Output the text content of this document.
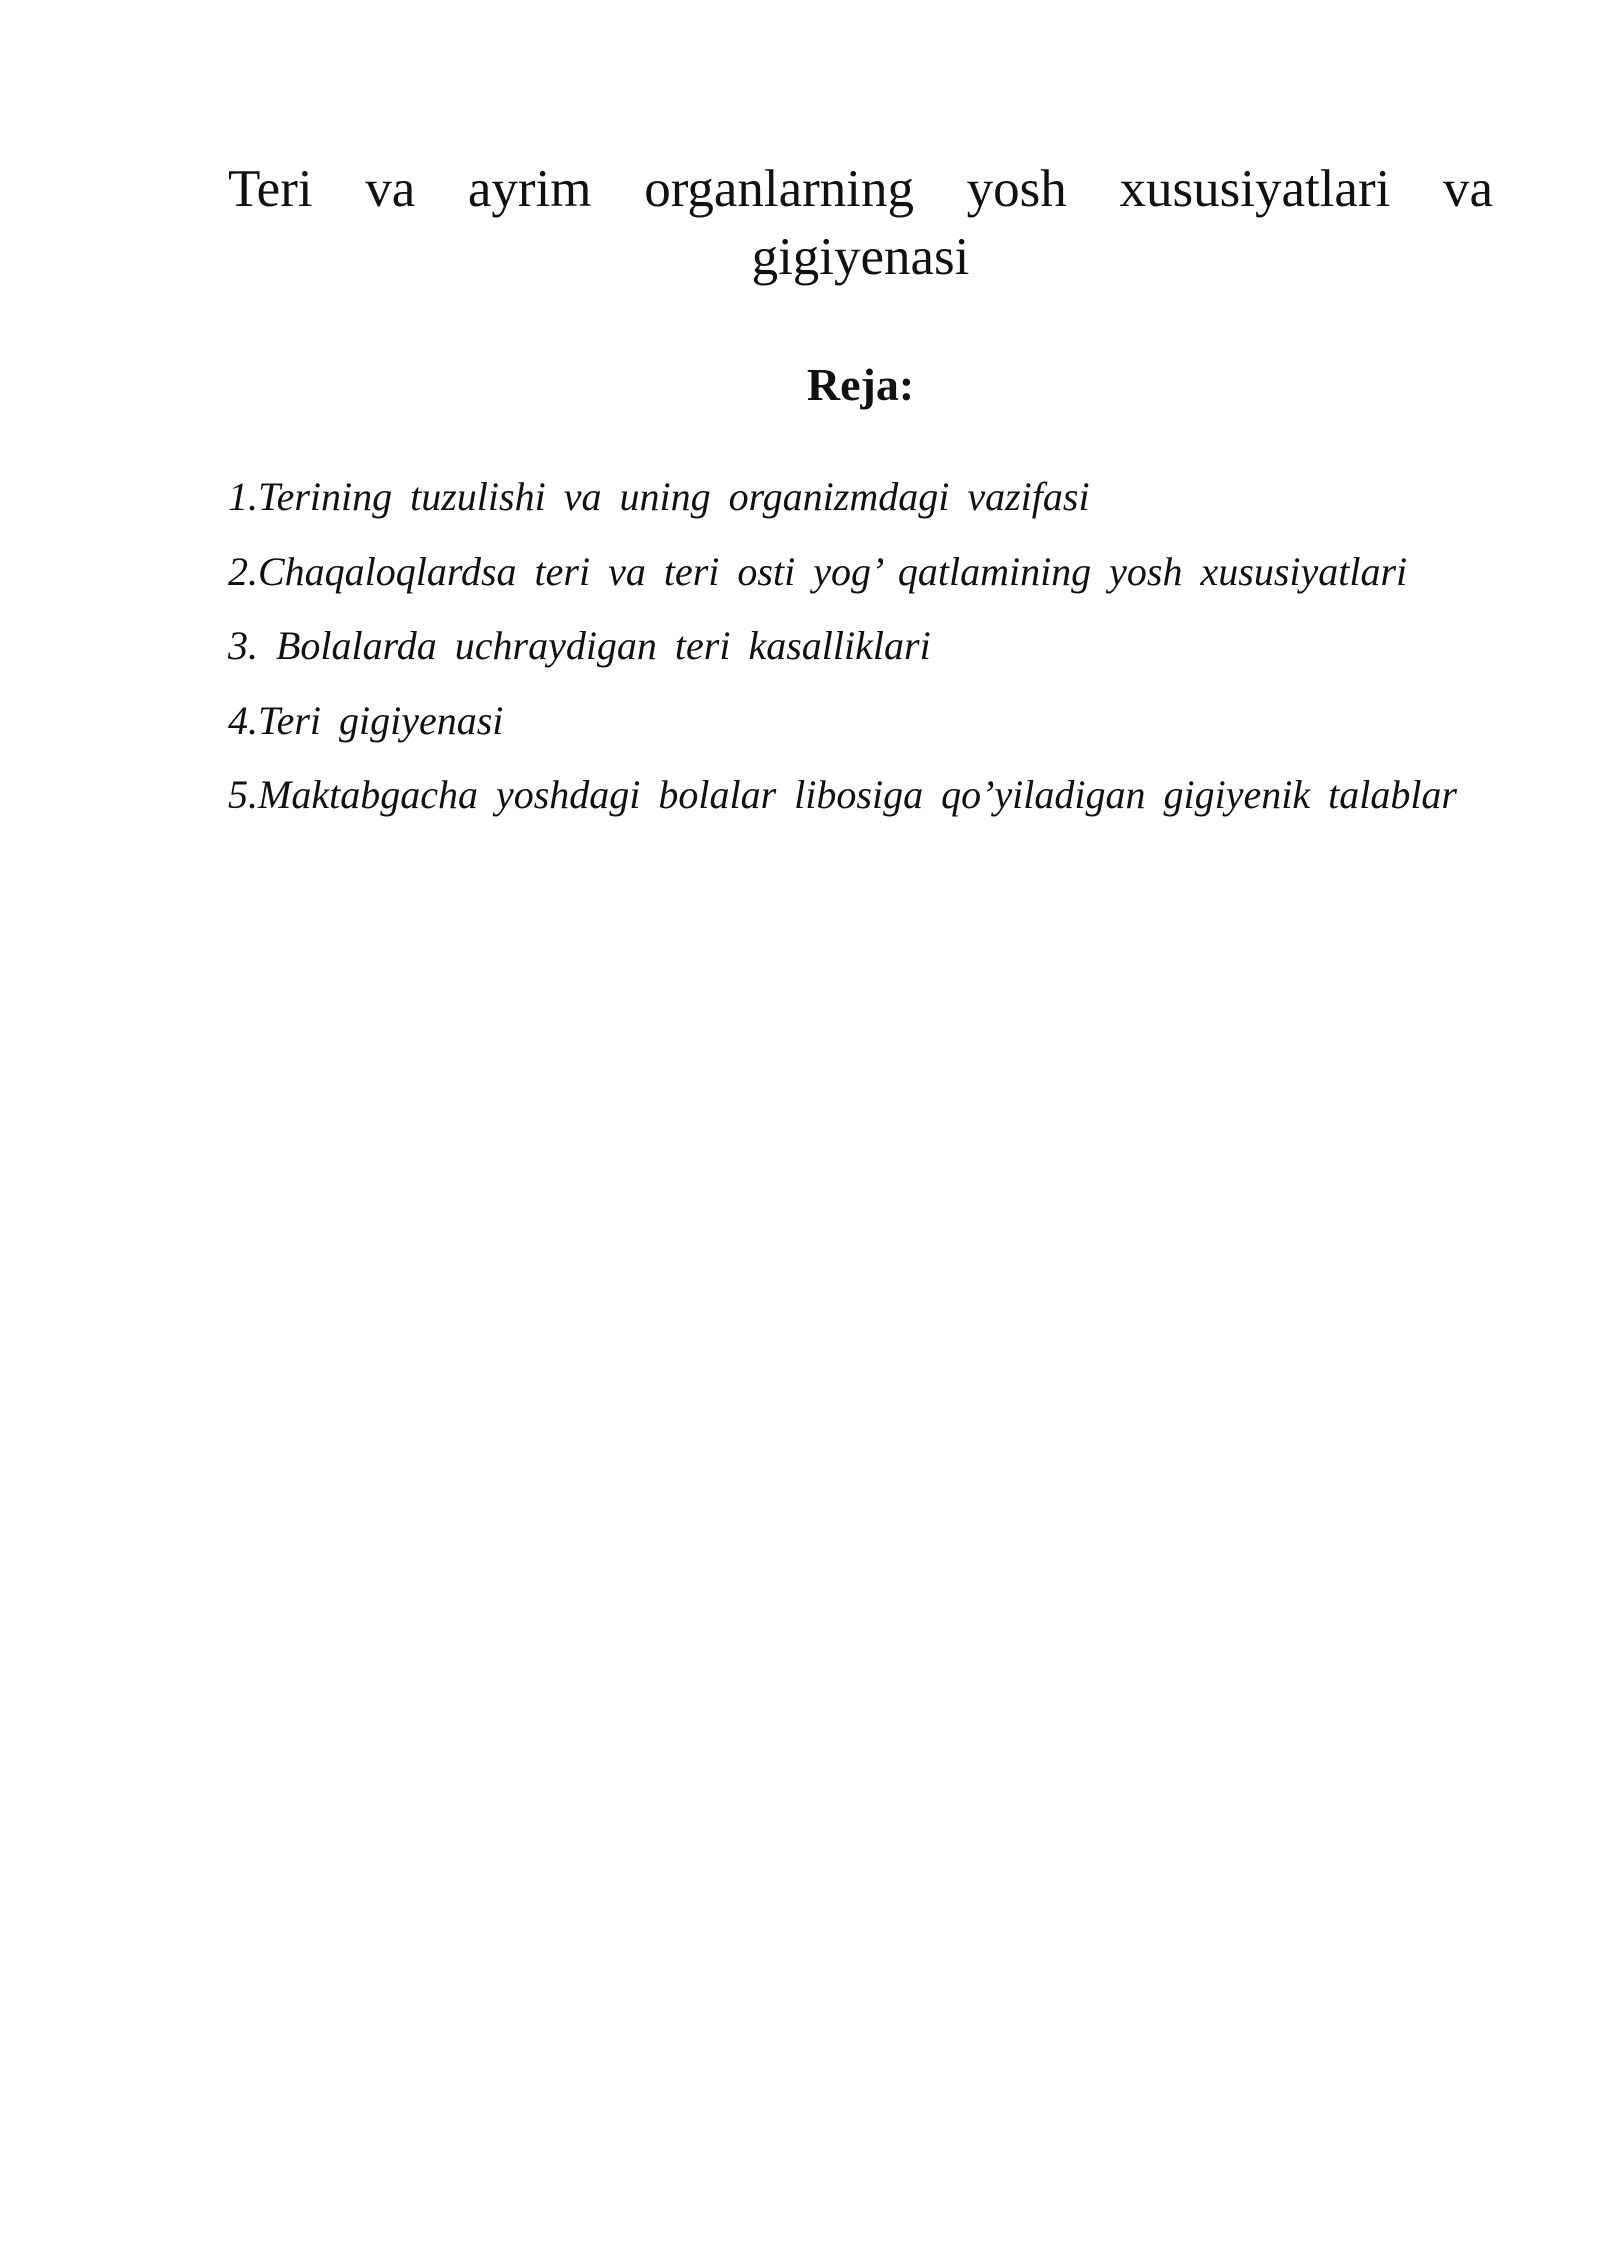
Teri va ayrim organlarning yosh xususiyatlari va gigiyenasi
Reja:
1.Terining tuzulishi va uning organizmdagi vazifasi
2.Chaqaloqlardsa teri va teri osti yog’ qatlamining yosh xususiyatlari
3. Bolalarda uchraydigan teri kasalliklari
4.Teri gigiyenasi
5.Maktabgacha yoshdagi bolalar libosiga qo’yiladigan gigiyenik talablar
